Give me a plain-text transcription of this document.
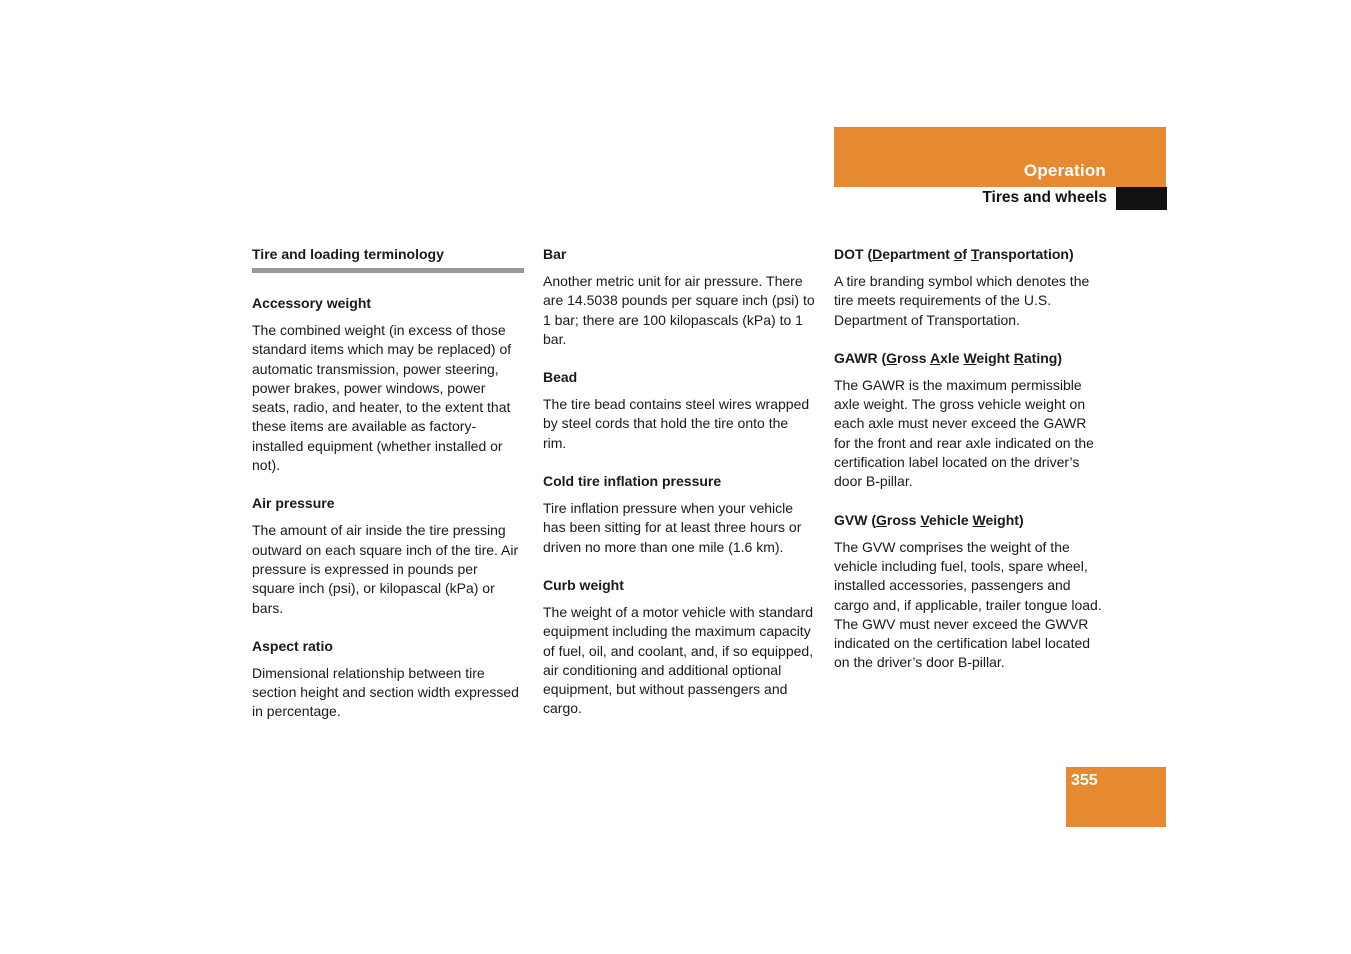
Operation
Tires and wheels

Tire and loading terminology

Accessory weight

The combined weight (in excess of those standard items which may be replaced) of automatic transmission, power steering, power brakes, power windows, power seats, radio, and heater, to the extent that these items are available as factory-installed equipment (whether installed or not).

Air pressure

The amount of air inside the tire pressing outward on each square inch of the tire. Air pressure is expressed in pounds per square inch (psi), or kilopascal (kPa) or bars.

Aspect ratio

Dimensional relationship between tire section height and section width expressed in percentage.

Bar

Another metric unit for air pressure. There are 14.5038 pounds per square inch (psi) to 1 bar; there are 100 kilopascals (kPa) to 1 bar.

Bead

The tire bead contains steel wires wrapped by steel cords that hold the tire onto the rim.

Cold tire inflation pressure

Tire inflation pressure when your vehicle has been sitting for at least three hours or driven no more than one mile (1.6 km).

Curb weight

The weight of a motor vehicle with standard equipment including the maximum capacity of fuel, oil, and coolant, and, if so equipped, air conditioning and additional optional equipment, but without passengers and cargo.

DOT (Department of Transportation)

A tire branding symbol which denotes the tire meets requirements of the U.S. Department of Transportation.

GAWR (Gross Axle Weight Rating)

The GAWR is the maximum permissible axle weight. The gross vehicle weight on each axle must never exceed the GAWR for the front and rear axle indicated on the certification label located on the driver’s door B-pillar.

GVW (Gross Vehicle Weight)

The GVW comprises the weight of the vehicle including fuel, tools, spare wheel, installed accessories, passengers and cargo and, if applicable, trailer tongue load. The GWV must never exceed the GWVR indicated on the certification label located on the driver’s door B-pillar.

355
